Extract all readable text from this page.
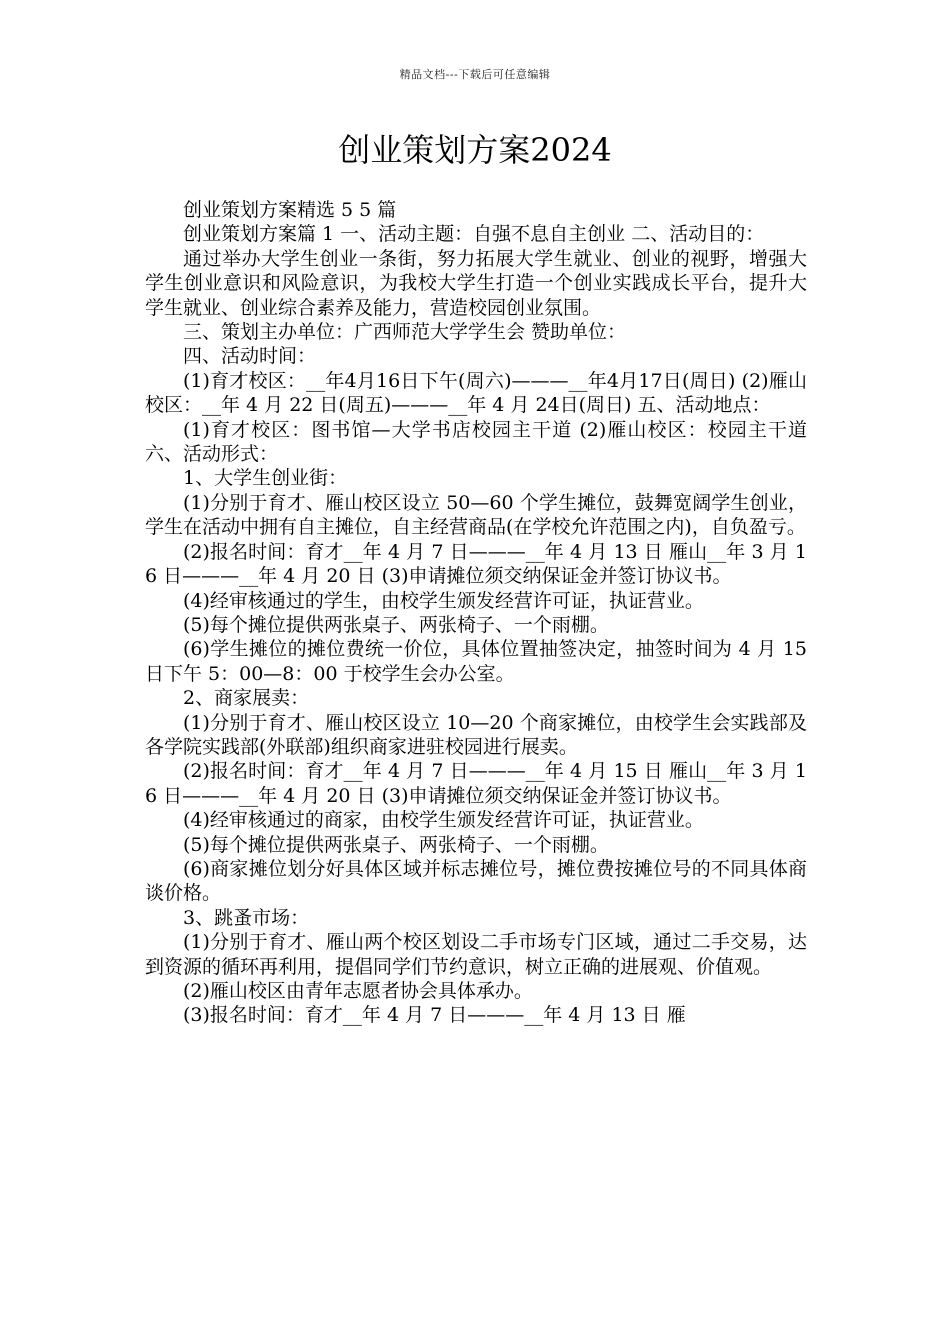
精品文档---下载后可任意编辑
创业策划方案2024

创业策划方案精选 5 5 篇

创业策划方案篇 1 一、活动主题：自强不息自主创业 二、活动目的：

通过举办大学生创业一条街，努力拓展大学生就业、创业的视野，增强大学生创业意识和风险意识，为我校大学生打造一个创业实践成长平台，提升大学生就业、创业综合素养及能力，营造校园创业氛围。

三、策划主办单位：广西师范大学学生会 赞助单位：

四、活动时间：

(1)育才校区：__年4月16日下午(周六)———__年4月17日(周日) (2)雁山校区：__年 4 月 22 日(周五)———__年 4 月 24日(周日) 五、活动地点：

(1)育才校区：图书馆—大学书店校园主干道 (2)雁山校区：校园主干道 六、活动形式：

1、大学生创业街：

(1)分别于育才、雁山校区设立 50—60 个学生摊位，鼓舞宽阔学生创业，学生在活动中拥有自主摊位，自主经营商品(在学校允许范围之内)，自负盈亏。

(2)报名时间：育才__年 4 月 7 日———__年 4 月 13 日 雁山__年 3 月 16 日———__年 4 月 20 日 (3)申请摊位须交纳保证金并签订协议书。

(4)经审核通过的学生，由校学生颁发经营许可证，执证营业。

(5)每个摊位提供两张桌子、两张椅子、一个雨棚。

(6)学生摊位的摊位费统一价位，具体位置抽签决定，抽签时间为 4 月 15 日下午 5：00—8：00 于校学生会办公室。

2、商家展卖：

(1)分别于育才、雁山校区设立 10—20 个商家摊位，由校学生会实践部及各学院实践部(外联部)组织商家进驻校园进行展卖。

(2)报名时间：育才__年 4 月 7 日———__年 4 月 15 日 雁山__年 3 月 16 日———__年 4 月 20 日 (3)申请摊位须交纳保证金并签订协议书。

(4)经审核通过的商家，由校学生颁发经营许可证，执证营业。

(5)每个摊位提供两张桌子、两张椅子、一个雨棚。

(6)商家摊位划分好具体区域并标志摊位号，摊位费按摊位号的不同具体商谈价格。

3、跳蚤市场：

(1)分别于育才、雁山两个校区划设二手市场专门区域，通过二手交易，达到资源的循环再利用，提倡同学们节约意识，树立正确的进展观、价值观。

(2)雁山校区由青年志愿者协会具体承办。

(3)报名时间：育才__年 4 月 7 日———__年 4 月 13 日 雁
